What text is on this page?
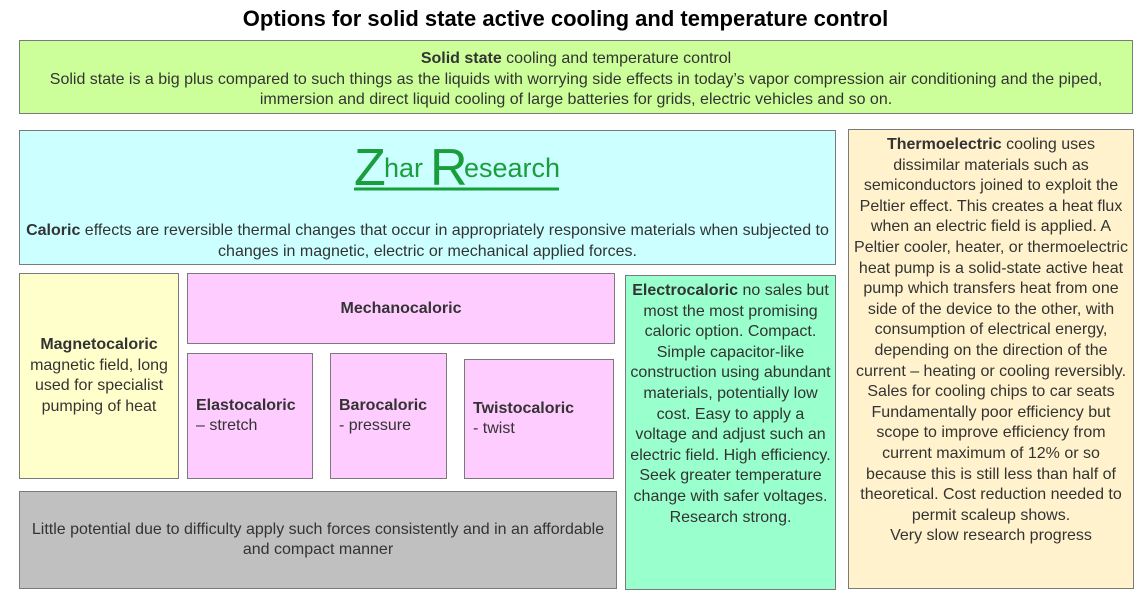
Options for solid state active cooling and temperature control
Solid state cooling and temperature control
Solid state is a big plus compared to such things as the liquids with worrying side effects in today’s vapor compression air conditioning and the piped, immersion and direct liquid cooling of large batteries for grids, electric vehicles and so on.
Z
har R
esearch
Caloric effects are reversible thermal changes that occur in appropriately responsive materials when subjected to changes in magnetic, electric or mechanical applied forces.
Thermoelectric cooling uses dissimilar materials such as semiconductors joined to exploit the Peltier effect. This creates a heat flux when an electric field is applied. A Peltier cooler, heater, or thermoelectric heat pump is a solid-state active heat pump which transfers heat from one side of the device to the other, with consumption of electrical energy, depending on the direction of the current – heating or cooling reversibly. Sales for cooling chips to car seats
Fundamentally poor efficiency but scope to improve efficiency from current maximum of 12% or so because this is still less than half of theoretical. Cost reduction needed to permit scaleup shows.
Very slow research progress
Magnetocaloric
magnetic field, long used for specialist pumping of heat
Mechanocaloric
Elastocaloric
– stretch
Barocaloric
- pressure
Twistocaloric
- twist
Little potential due to difficulty apply such forces consistently and in an affordable and compact manner
Electrocaloric no sales but most the most promising caloric option. Compact. Simple capacitor-like construction using abundant materials, potentially low cost. Easy to apply a voltage and adjust such an electric field. High efficiency. Seek greater temperature change with safer voltages. Research strong.
